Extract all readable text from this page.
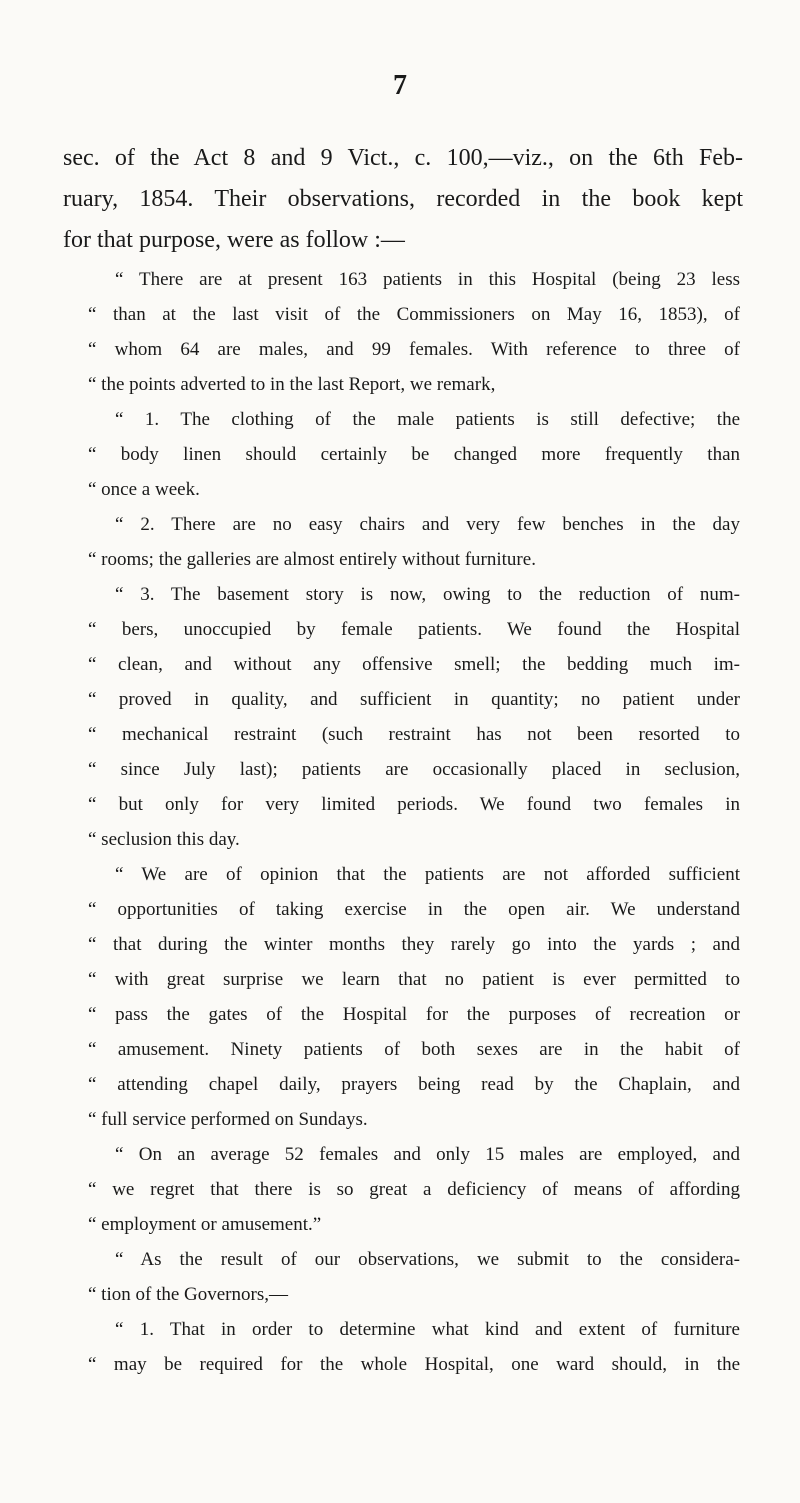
7
sec. of the Act 8 and 9 Vict., c. 100,—viz., on the 6th Feb-
ruary, 1854. Their observations, recorded in the book kept
for that purpose, were as follow :—
“ There are at present 163 patients in this Hospital (being 23 less
“ than at the last visit of the Commissioners on May 16, 1853), of
“ whom 64 are males, and 99 females. With reference to three of
“ the points adverted to in the last Report, we remark,
“ 1. The clothing of the male patients is still defective; the
“ body linen should certainly be changed more frequently than
“ once a week.
“ 2. There are no easy chairs and very few benches in the day
“ rooms; the galleries are almost entirely without furniture.
“ 3. The basement story is now, owing to the reduction of num-
“ bers, unoccupied by female patients. We found the Hospital
“ clean, and without any offensive smell; the bedding much im-
“ proved in quality, and sufficient in quantity; no patient under
“ mechanical restraint (such restraint has not been resorted to
“ since July last); patients are occasionally placed in seclusion,
“ but only for very limited periods. We found two females in
“ seclusion this day.
“ We are of opinion that the patients are not afforded sufficient
“ opportunities of taking exercise in the open air. We understand
“ that during the winter months they rarely go into the yards ; and
“ with great surprise we learn that no patient is ever permitted to
“ pass the gates of the Hospital for the purposes of recreation or
“ amusement. Ninety patients of both sexes are in the habit of
“ attending chapel daily, prayers being read by the Chaplain, and
“ full service performed on Sundays.
“ On an average 52 females and only 15 males are employed, and
“ we regret that there is so great a deficiency of means of affording
“ employment or amusement.”
“ As the result of our observations, we submit to the considera-
“ tion of the Governors,—
“ 1. That in order to determine what kind and extent of furniture
“ may be required for the whole Hospital, one ward should, in the
